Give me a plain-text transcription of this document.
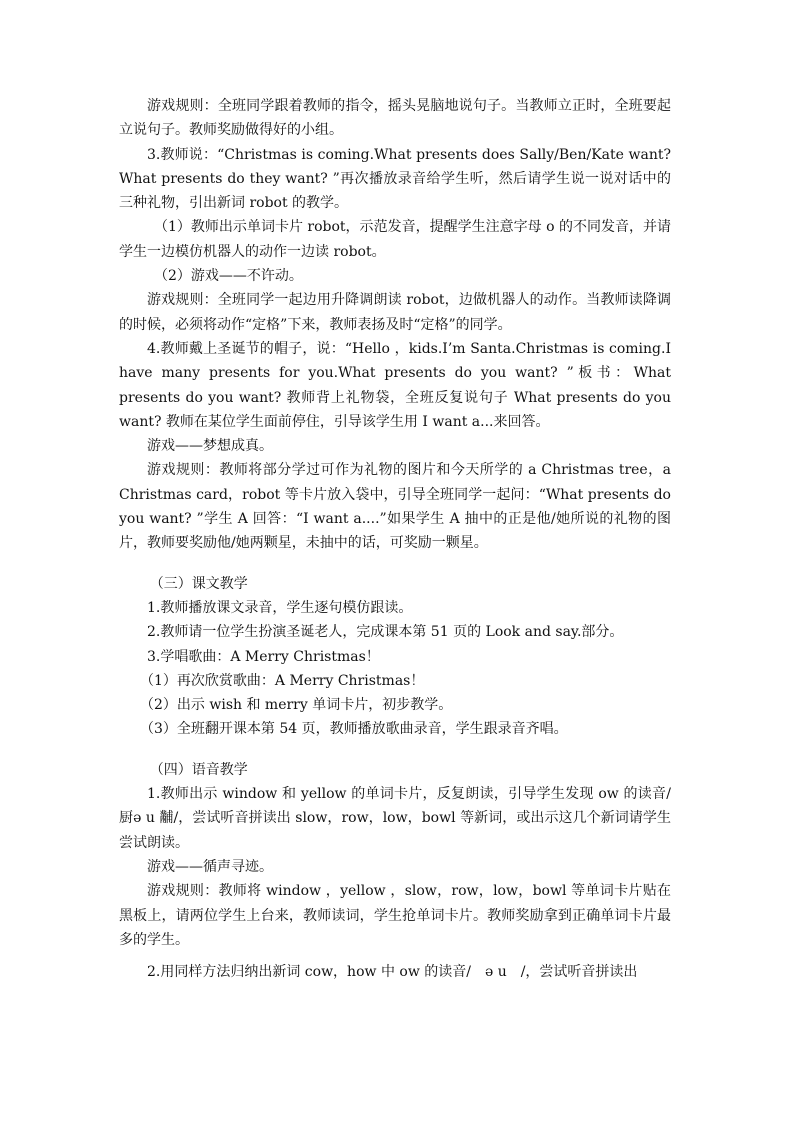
游戏规则：全班同学跟着教师的指令，摇头晃脑地说句子。当教师立正时，全班要起立说句子。教师奖励做得好的小组。

3.教师说：“Christmas is coming.What presents does Sally/Ben/Kate want? What presents do they want? ”再次播放录音给学生听，然后请学生说一说对话中的三种礼物，引出新词 robot 的教学。

（1）教师出示单词卡片 robot，示范发音，提醒学生注意字母 o 的不同发音，并请学生一边模仿机器人的动作一边读 robot。

（2）游戏——不许动。

游戏规则：全班同学一起边用升降调朗读 robot，边做机器人的动作。当教师读降调的时候，必须将动作“定格”下来，教师表扬及时“定格”的同学。

4.教师戴上圣诞节的帽子，说：“Hello ，kids.I’m Santa.Christmas is coming.I have many presents for you.What presents do you want? ”板书：What presents do you want? 教师背上礼物袋，全班反复说句子 What presents do you want? 教师在某位学生面前停住，引导该学生用 I want a...来回答。

游戏——梦想成真。

游戏规则：教师将部分学过可作为礼物的图片和今天所学的 a Christmas tree，a Christmas card，robot 等卡片放入袋中，引导全班同学一起问：“What presents do you want? ”学生 A 回答：“I want a....”如果学生 A 抽中的正是他/她所说的礼物的图片，教师要奖励他/她两颗星，未抽中的话，可奖励一颗星。

（三）课文教学

1.教师播放课文录音，学生逐句模仿跟读。

2.教师请一位学生扮演圣诞老人，完成课本第 51 页的 Look and say.部分。

3.学唱歌曲：A Merry Christmas！

（1）再次欣赏歌曲：A Merry Christmas！

（2）出示 wish 和 merry 单词卡片，初步教学。

（3）全班翻开课本第 54 页，教师播放歌曲录音，学生跟录音齐唱。

（四）语音教学

1.教师出示 window 和 yellow 的单词卡片，反复朗读，引导学生发现 ow 的读音/厨ə u 黼/，尝试听音拼读出 slow，row，low，bowl 等新词，或出示这几个新词请学生尝试朗读。

游戏——循声寻迹。

游戏规则：教师将 window ，yellow ，slow，row，low，bowl 等单词卡片贴在黑板上，请两位学生上台来，教师读词，学生抢单词卡片。教师奖励拿到正确单词卡片最多的学生。

2.用同样方法归纳出新词 cow，how 中 ow 的读音/　ə u　/，尝试听音拼读出
